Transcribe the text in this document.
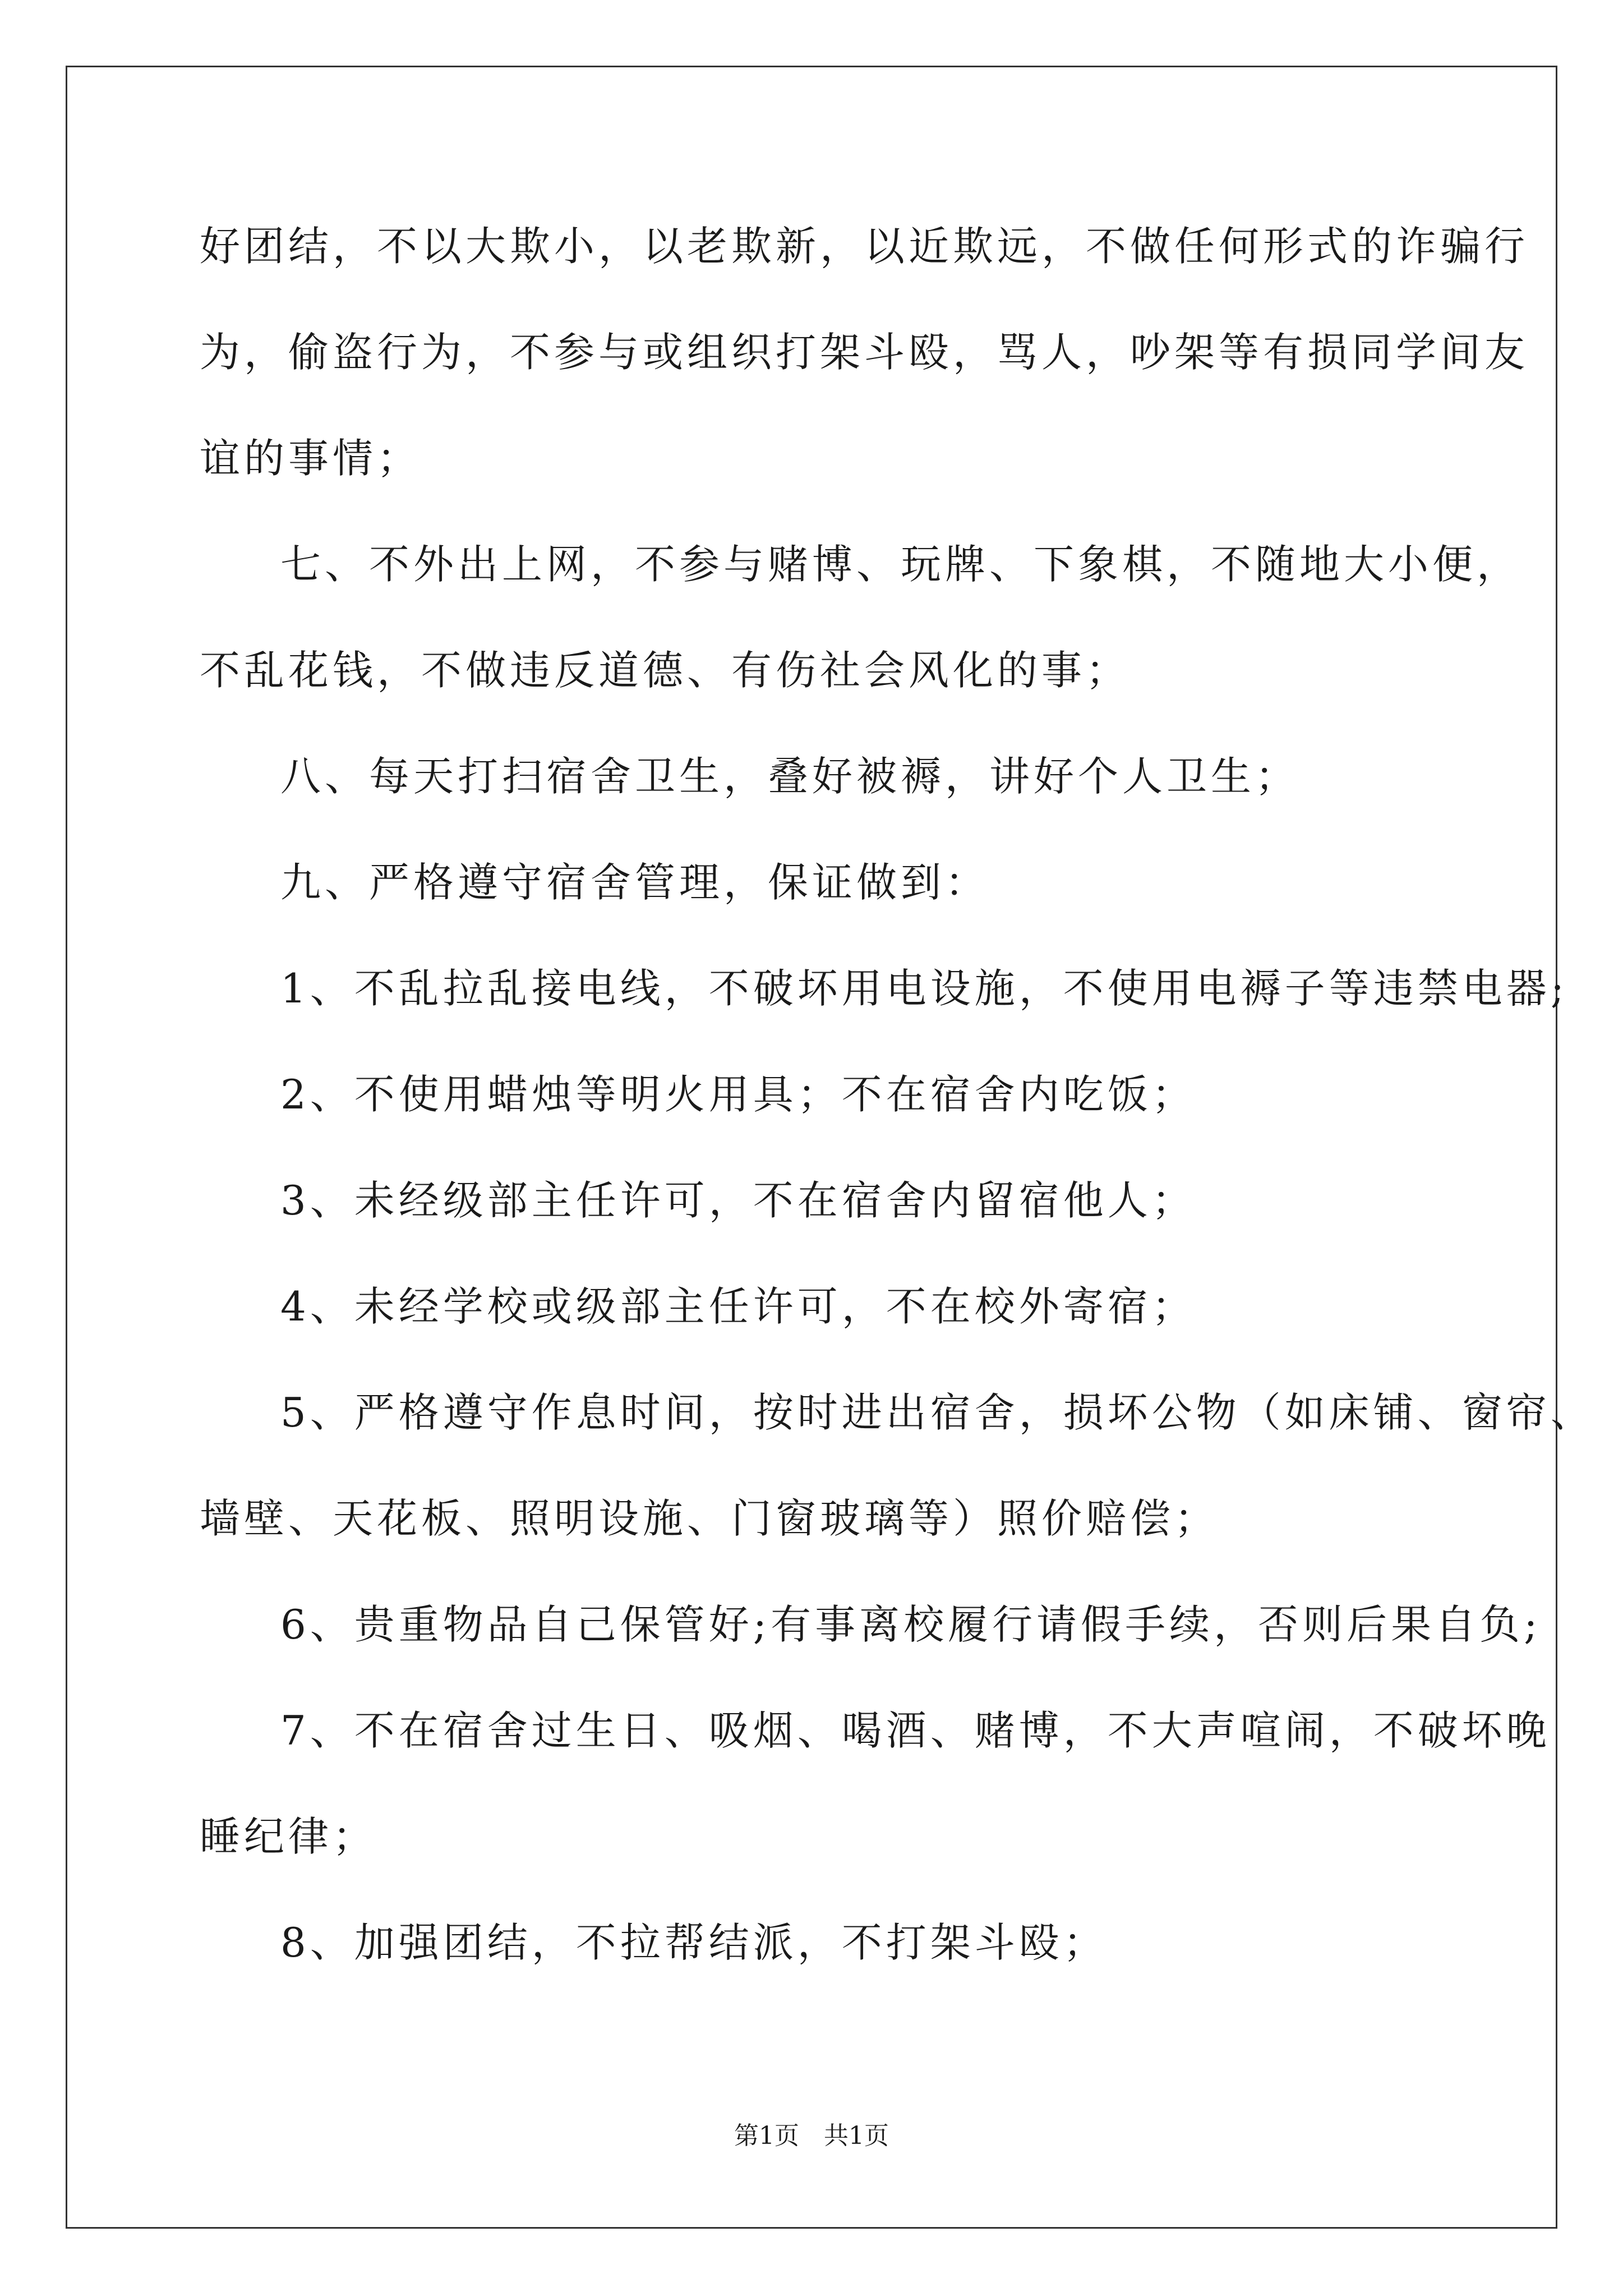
好团结，不以大欺小，以老欺新，以近欺远，不做任何形式的诈骗行
为，偷盗行为，不参与或组织打架斗殴，骂人，吵架等有损同学间友
谊的事情；
七、不外出上网，不参与赌博、玩牌、下象棋，不随地大小便，
不乱花钱，不做违反道德、有伤社会风化的事；
八、每天打扫宿舍卫生，叠好被褥，讲好个人卫生；
九、严格遵守宿舍管理，保证做到：
1、不乱拉乱接电线，不破坏用电设施，不使用电褥子等违禁电器;
2、不使用蜡烛等明火用具；不在宿舍内吃饭；
3、未经级部主任许可，不在宿舍内留宿他人；
4、未经学校或级部主任许可，不在校外寄宿；
5、严格遵守作息时间，按时进出宿舍，损坏公物（如床铺、窗帘、
墙壁、天花板、照明设施、门窗玻璃等）照价赔偿；
6、贵重物品自己保管好;有事离校履行请假手续，否则后果自负;
7、不在宿舍过生日、吸烟、喝酒、赌博，不大声喧闹，不破坏晚
睡纪律；
8、加强团结，不拉帮结派，不打架斗殴；
第1页　共1页
